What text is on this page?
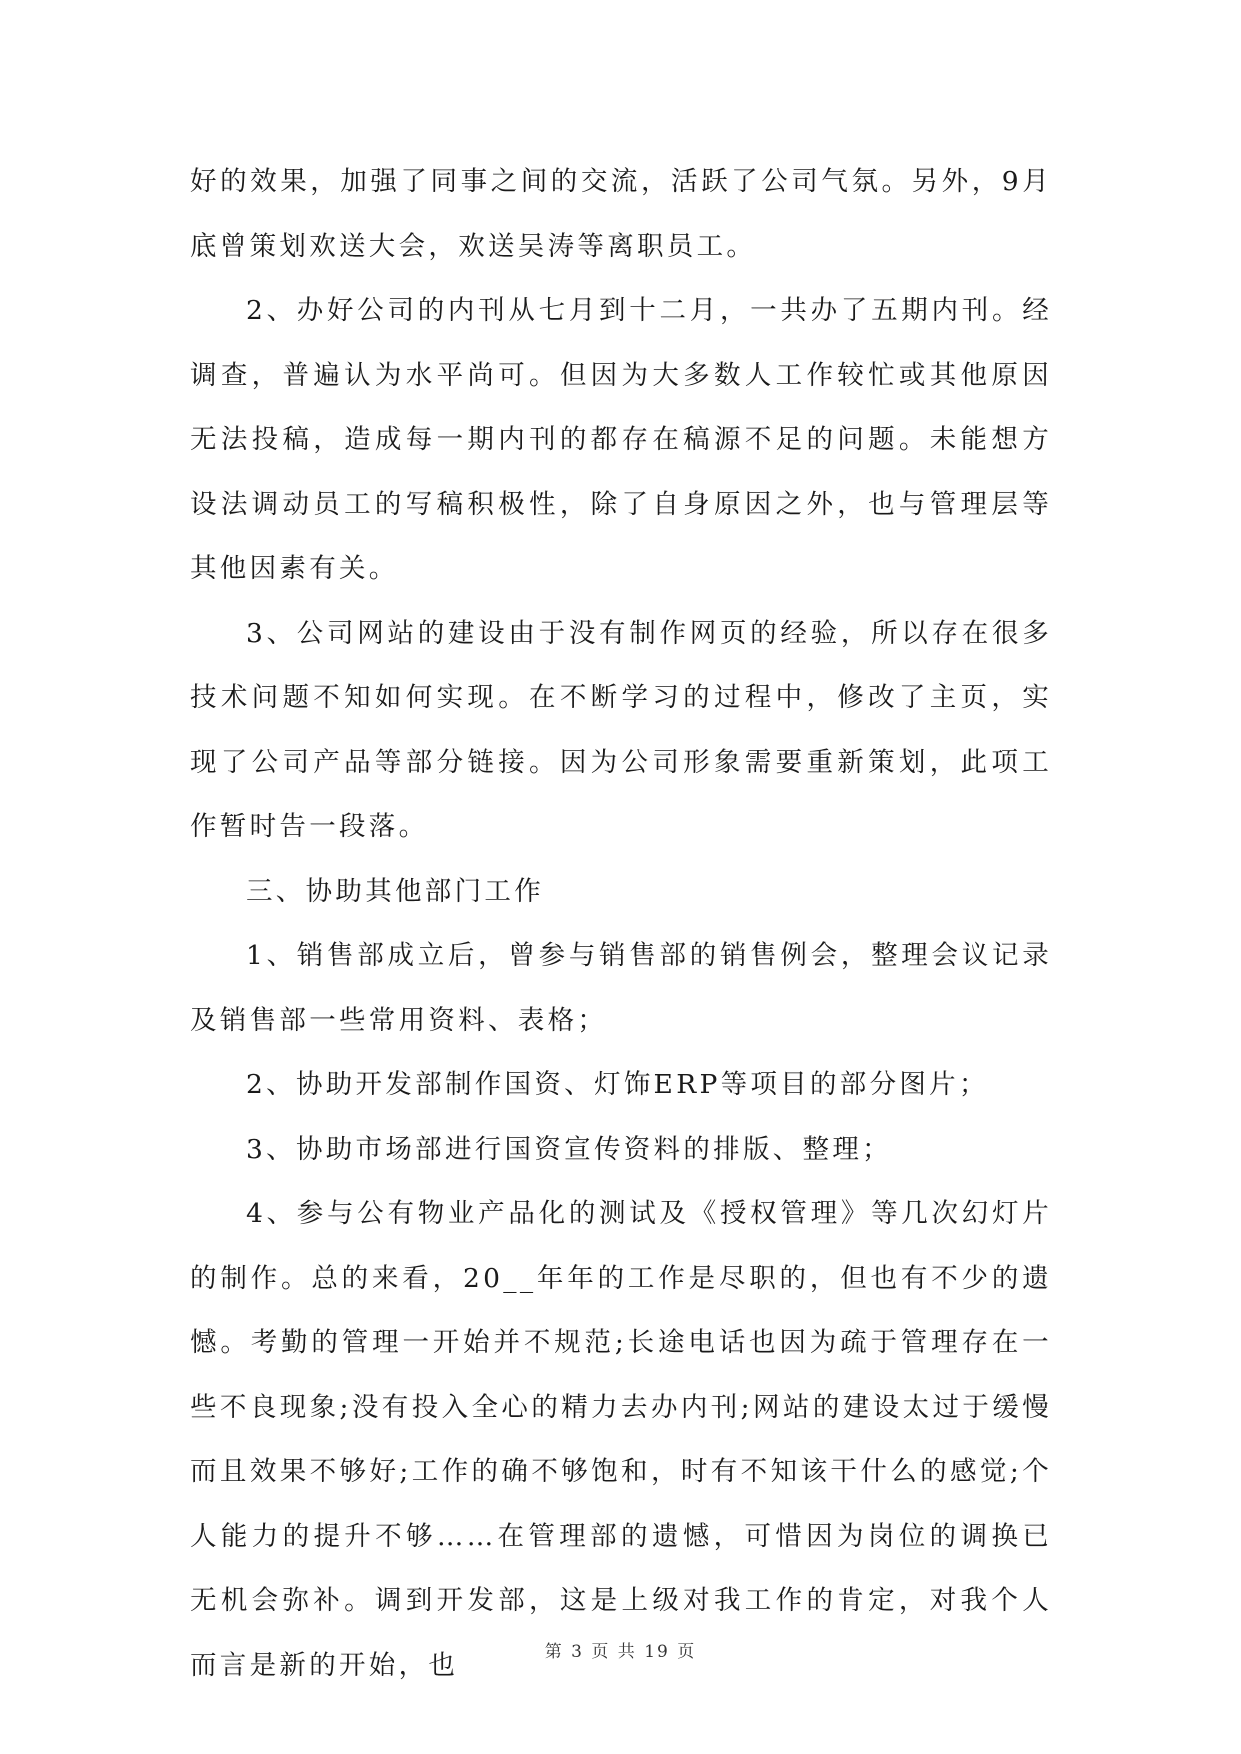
好的效果，加强了同事之间的交流，活跃了公司气氛。另外，9月底曾策划欢送大会，欢送吴涛等离职员工。

2、办好公司的内刊从七月到十二月，一共办了五期内刊。经调查，普遍认为水平尚可。但因为大多数人工作较忙或其他原因无法投稿，造成每一期内刊的都存在稿源不足的问题。未能想方设法调动员工的写稿积极性，除了自身原因之外，也与管理层等其他因素有关。

3、公司网站的建设由于没有制作网页的经验，所以存在很多技术问题不知如何实现。在不断学习的过程中，修改了主页，实现了公司产品等部分链接。因为公司形象需要重新策划，此项工作暂时告一段落。

三、协助其他部门工作

1、销售部成立后，曾参与销售部的销售例会，整理会议记录及销售部一些常用资料、表格；

2、协助开发部制作国资、灯饰ERP等项目的部分图片；

3、协助市场部进行国资宣传资料的排版、整理；

4、参与公有物业产品化的测试及《授权管理》等几次幻灯片的制作。总的来看，20__年年的工作是尽职的，但也有不少的遗憾。考勤的管理一开始并不规范;长途电话也因为疏于管理存在一些不良现象;没有投入全心的精力去办内刊;网站的建设太过于缓慢而且效果不够好;工作的确不够饱和，时有不知该干什么的感觉;个人能力的提升不够……在管理部的遗憾，可惜因为岗位的调换已无机会弥补。调到开发部，这是上级对我工作的肯定，对我个人而言是新的开始，也	第 3 页 共 19 页
